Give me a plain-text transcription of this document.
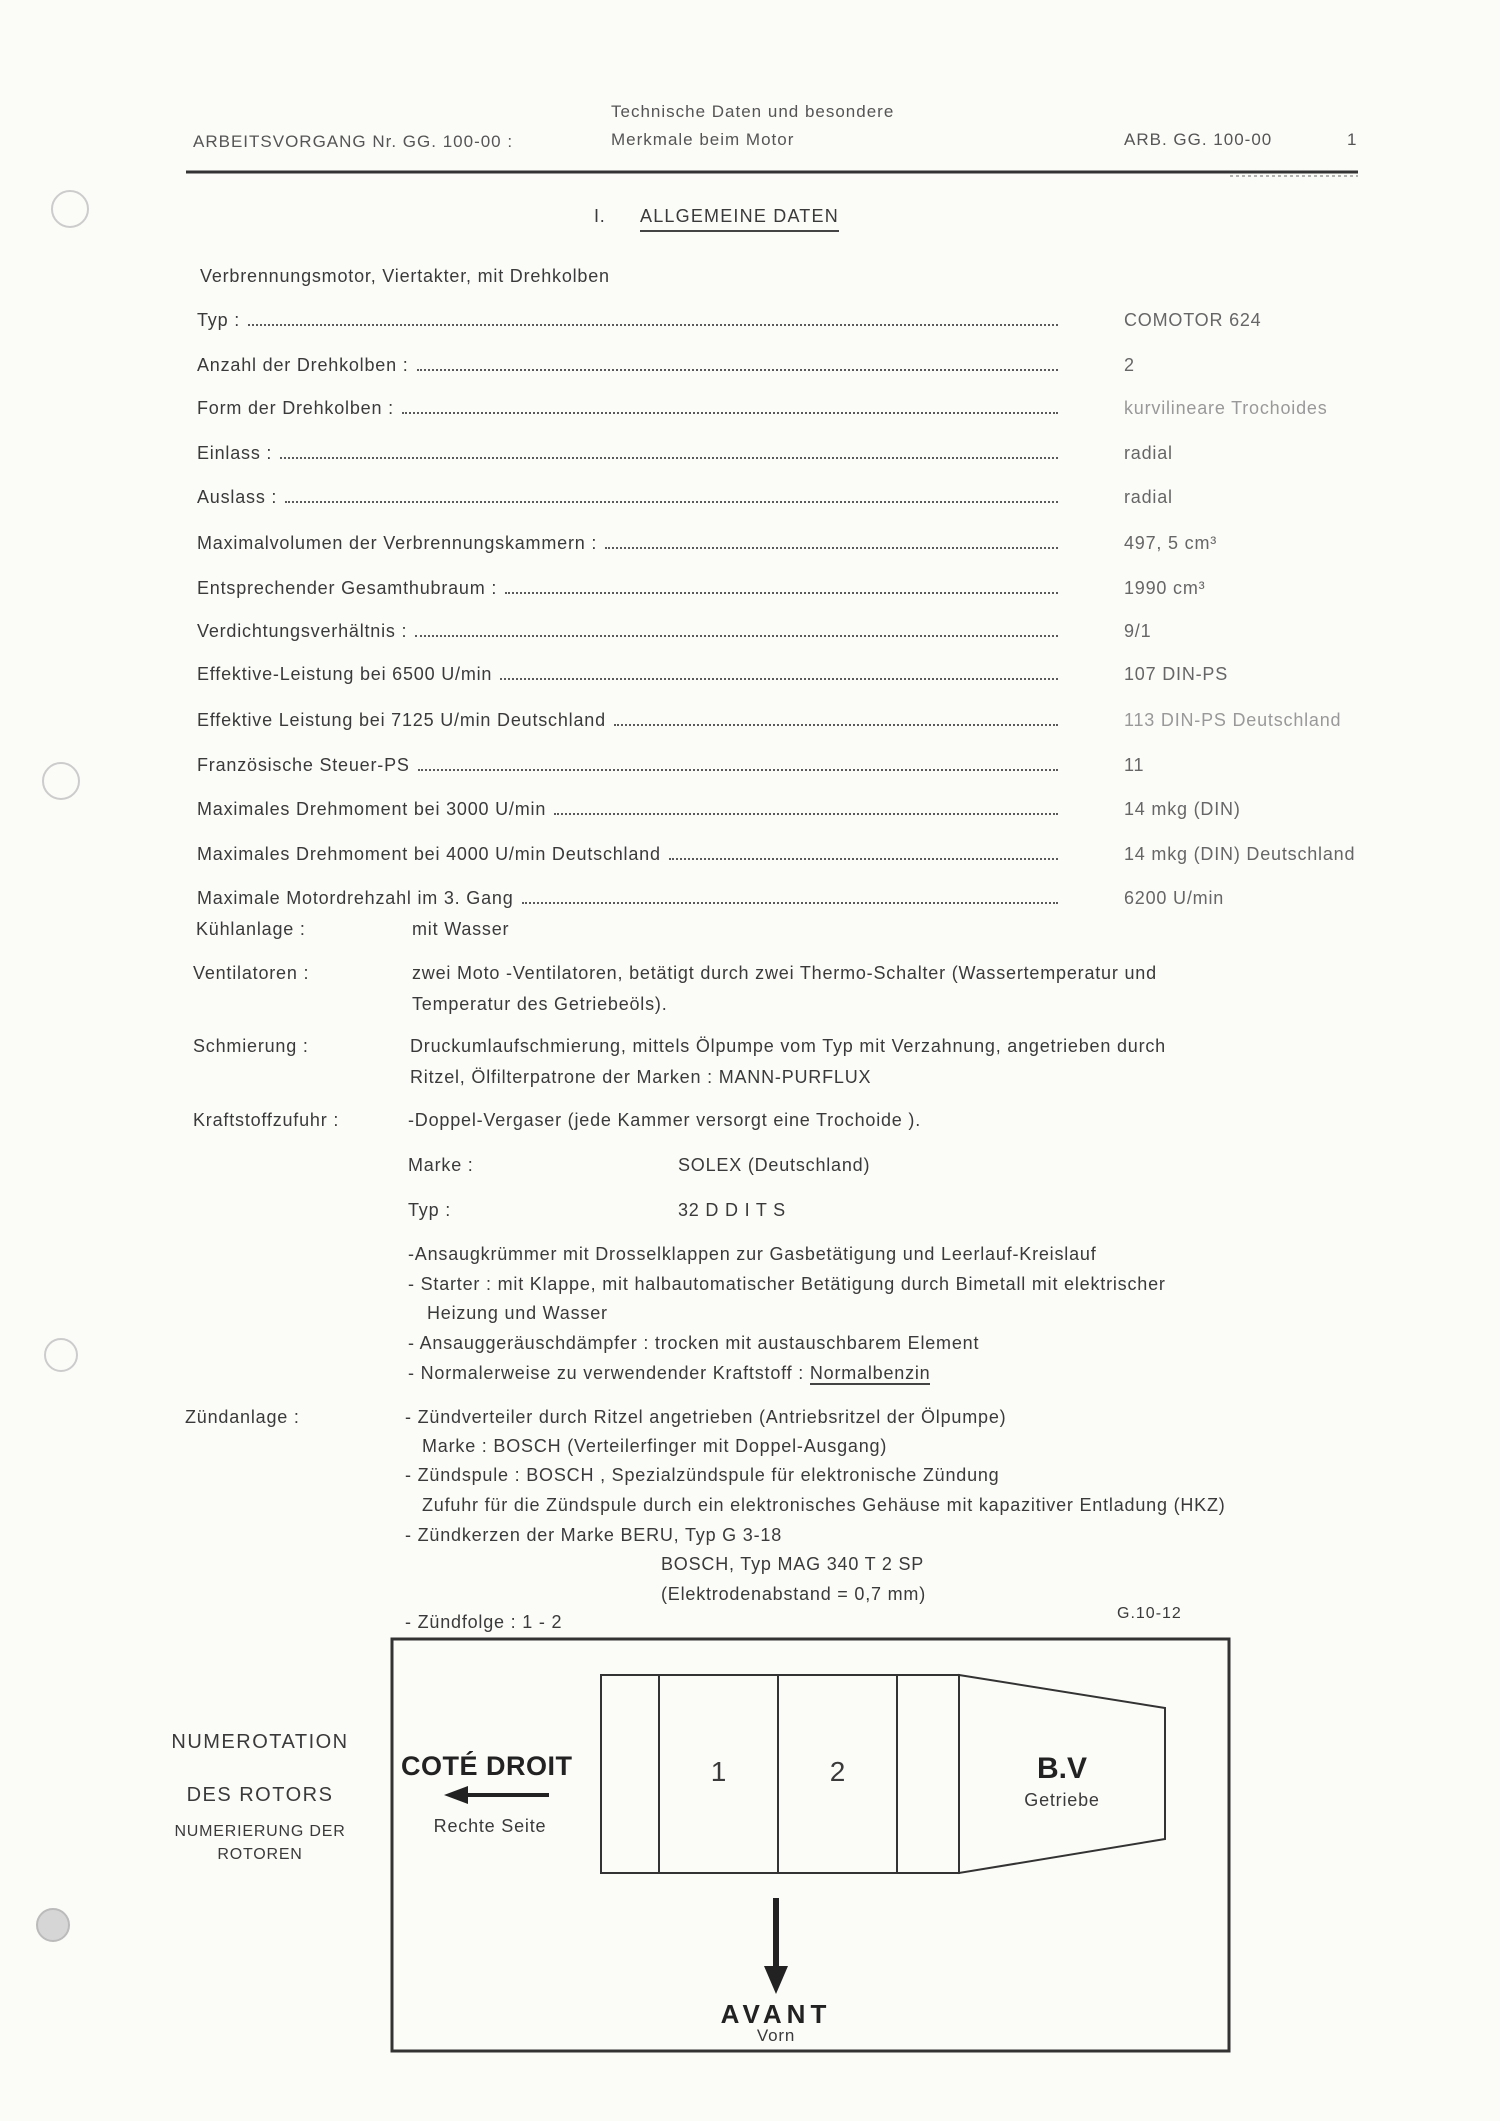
ARBEITSVORGANG Nr. GG. 100-00 :
Technische Daten und besondere
Merkmale beim Motor	ARB. GG. 100-00	1
I. ALLGEMEINE DATEN
Verbrennungsmotor, Viertakter, mit Drehkolben
Typ :	COMOTOR 624
Anzahl der Drehkolben :	2
Form der Drehkolben :	kurvilineare Trochoides
Einlass :	radial
Auslass :	radial
Maximalvolumen der Verbrennungskammern :	497, 5 cm³
Entsprechender Gesamthubraum :	1990 cm³
Verdichtungsverhältnis :	9/1
Effektive-Leistung bei 6500 U/min	107 DIN-PS
Effektive Leistung bei 7125 U/min Deutschland	113 DIN-PS Deutschland
Französische Steuer-PS	11
Maximales Drehmoment bei 3000 U/min	14 mkg (DIN)
Maximales Drehmoment bei 4000 U/min Deutschland	14 mkg (DIN) Deutschland
Maximale Motordrehzahl im 3. Gang	6200 U/min
Kühlanlage :	mit Wasser
Ventilatoren :	zwei Moto -Ventilatoren, betätigt durch zwei Thermo-Schalter (Wassertemperatur und
Temperatur des Getriebeöls).
Schmierung :	Druckumlaufschmierung, mittels Ölpumpe vom Typ mit Verzahnung, angetrieben durch
Ritzel, Ölfilterpatrone der Marken : MANN-PURFLUX
Kraftstoffzufuhr :	-Doppel-Vergaser (jede Kammer versorgt eine Trochoide ).
Marke :	SOLEX (Deutschland)
Typ :	32 D D I T S
-Ansaugkrümmer mit Drosselklappen zur Gasbetätigung und Leerlauf-Kreislauf
- Starter : mit Klappe, mit halbautomatischer Betätigung durch Bimetall mit elektrischer
Heizung und Wasser
- Ansauggeräuschdämpfer : trocken mit austauschbarem Element
- Normalerweise zu verwendender Kraftstoff : Normalbenzin
Zündanlage :	- Zündverteiler durch Ritzel angetrieben (Antriebsritzel der Ölpumpe)
Marke : BOSCH (Verteilerfinger mit Doppel-Ausgang)
- Zündspule : BOSCH , Spezialzündspule für elektronische Zündung
Zufuhr für die Zündspule durch ein elektronisches Gehäuse mit kapazitiver Entladung (HKZ)
- Zündkerzen der Marke BERU, Typ G 3-18
BOSCH, Typ MAG 340 T 2 SP
(Elektrodenabstand = 0,7 mm)
- Zündfolge : 1 - 2	G.10-12
NUMEROTATION
DES ROTORS
NUMERIERUNG DER
ROTOREN
COTÉ DROIT
Rechte Seite
1	2	B.V
Getriebe
AVANT
Vorn
